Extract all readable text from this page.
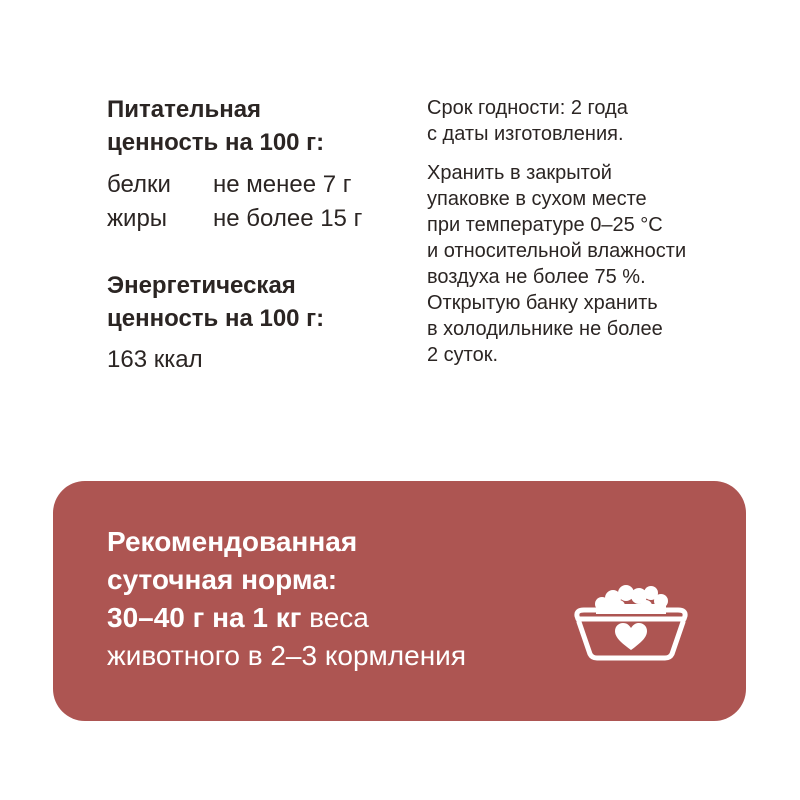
Питательная
ценность на 100 г:
белки не менее 7 г
жиры не более 15 г
Энергетическая
ценность на 100 г:
163 ккал

Срок годности: 2 года
с даты изготовления.

Хранить в закрытой
упаковке в сухом месте
при температуре 0–25 °C
и относительной влажности
воздуха не более 75 %.
Открытую банку хранить
в холодильнике не более
2 суток.

Рекомендованная
суточная норма:
30–40 г на 1 кг веса
животного в 2–3 кормления
